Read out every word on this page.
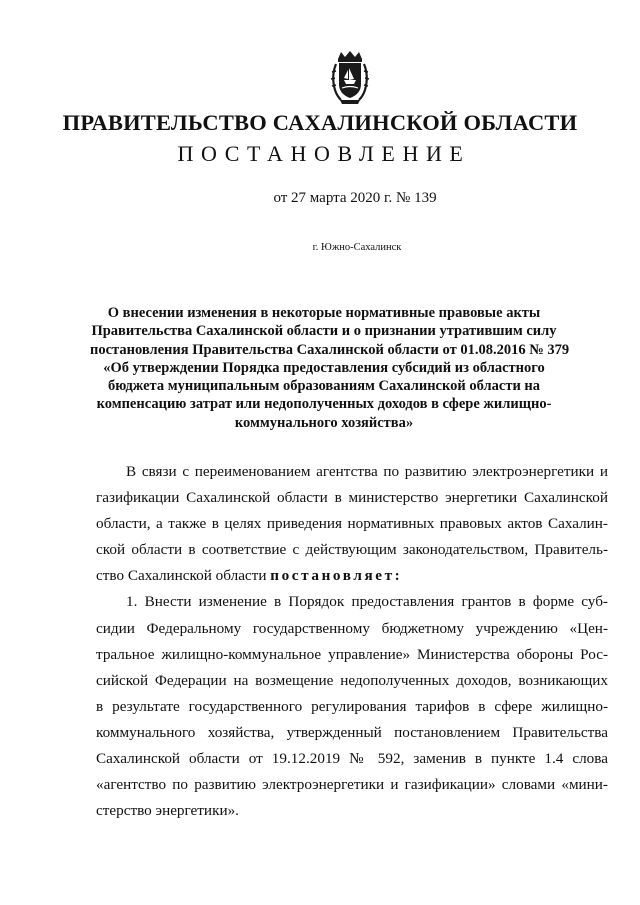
ПРАВИТЕЛЬСТВО САХАЛИНСКОЙ ОБЛАСТИ
ПОСТАНОВЛЕНИЕ
от 27 марта 2020 г. № 139
г. Южно-Сахалинск
О внесении изменения в некоторые нормативные правовые акты
Правительства Сахалинской области и о признании утратившим силу
постановления Правительства Сахалинской области от 01.08.2016 № 379
«Об утверждении Порядка предоставления субсидий из областного
бюджета муниципальным образованиям Сахалинской области на
компенсацию затрат или недополученных доходов в сфере жилищно-
коммунального хозяйства»
В связи с переименованием агентства по развитию электроэнергетики и
газификации Сахалинской области в министерство энергетики Сахалинской
области, а также в целях приведения нормативных правовых актов Сахалин-
ской области в соответствие с действующим законодательством, Правитель-
ство Сахалинской области постановляет:
1. Внести изменение в Порядок предоставления грантов в форме суб-
сидии Федеральному государственному бюджетному учреждению «Цен-
тральное жилищно-коммунальное управление» Министерства обороны Рос-
сийской Федерации на возмещение недополученных доходов, возникающих
в результате государственного регулирования тарифов в сфере жилищно-
коммунального хозяйства, утвержденный постановлением Правительства
Сахалинской области от 19.12.2019 № 592, заменив в пункте 1.4 слова
«агентство по развитию электроэнергетики и газификации» словами «мини-
стерство энергетики».
